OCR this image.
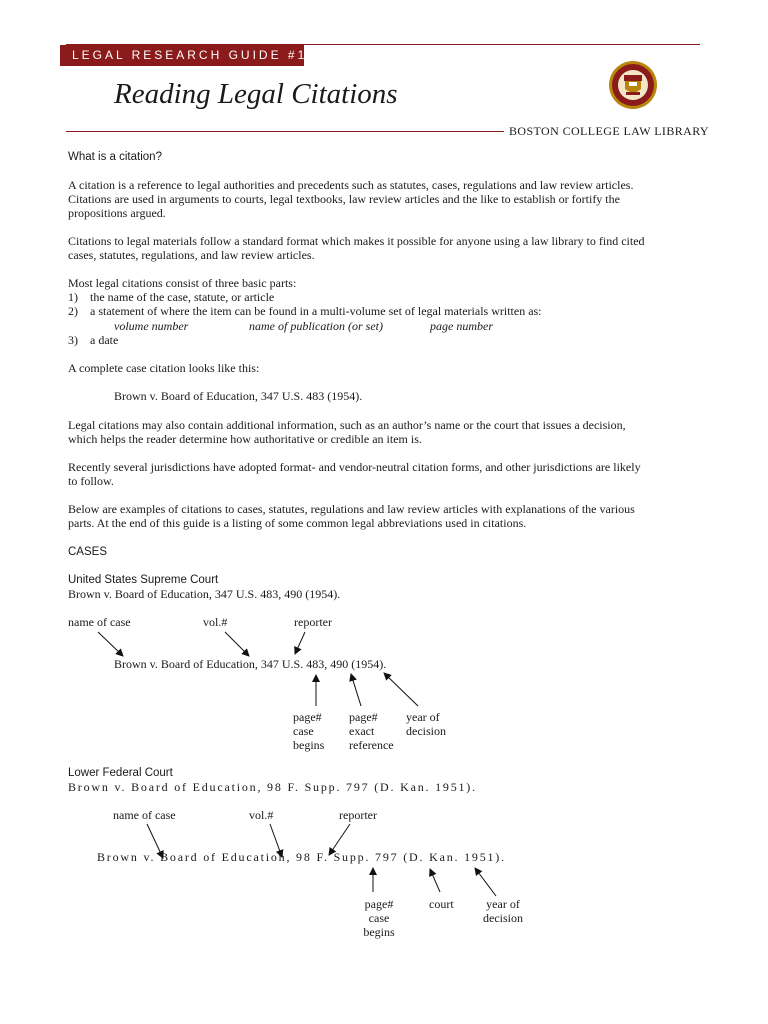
LEGAL RESEARCH GUIDE #1
Reading Legal Citations
BOSTON COLLEGE LAW LIBRARY
What is a citation?
A citation is a reference to legal authorities and precedents such as statutes, cases, regulations and law review articles.
Citations are used in arguments to courts, legal textbooks, law review articles and the like to establish or fortify the
propositions argued.
Citations to legal materials follow a standard format which makes it possible for anyone using a law library to find cited
cases, statutes, regulations, and law review articles.
Most legal citations consist of three basic parts:
1) the name of the case, statute, or article
2) a statement of where the item can be found in a multi-volume set of legal materials written as:
volume number	name of publication (or set)	page number
3) a date
A complete case citation looks like this:
Brown v. Board of Education, 347 U.S. 483 (1954).
Legal citations may also contain additional information, such as an author’s name or the court that issues a decision,
which helps the reader determine how authoritative or credible an item is.
Recently several jurisdictions have adopted format- and vendor-neutral citation forms, and other jurisdictions are likely
to follow.
Below are examples of citations to cases, statutes, regulations and law review articles with explanations of the various
parts. At the end of this guide is a listing of some common legal abbreviations used in citations.
CASES
United States Supreme Court
Brown v. Board of Education, 347 U.S. 483, 490 (1954).
name of case	vol.#	reporter
Brown v. Board of Education, 347 U.S. 483, 490 (1954).
page#
case
begins
page#
exact
reference
year of
decision
Lower Federal Court
Brown v. Board of Education, 98 F. Supp. 797 (D. Kan. 1951).
name of case	vol.#	reporter
Brown v. Board of Education, 98 F. Supp. 797 (D. Kan. 1951).
page#
case
begins
court	year of
decision
